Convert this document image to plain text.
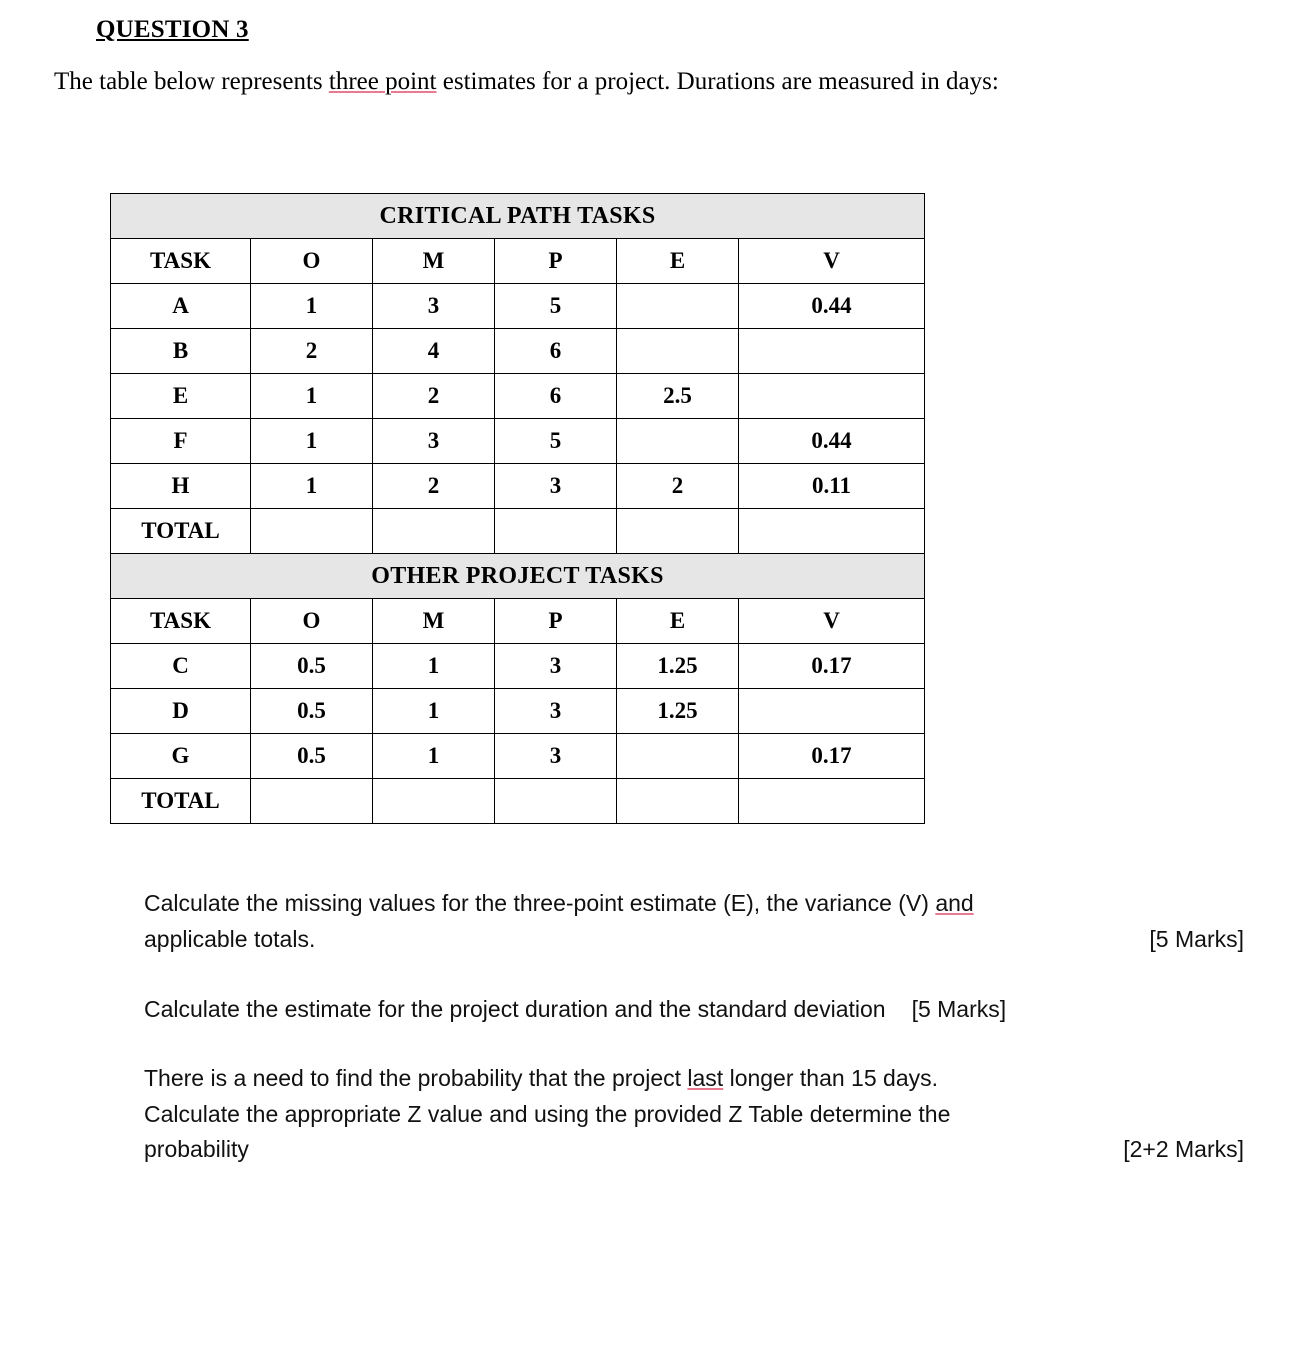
QUESTION 3
The table below represents three point estimates for a project. Durations are measured in days:
CRITICAL PATH TASKS					
TASK	O	M	P	E	V
A	1	3	5		0.44
B	2	4	6		
E	1	2	6	2.5	
F	1	3	5		0.44
H	1	2	3	2	0.11
TOTAL					
OTHER PROJECT TASKS					
TASK	O	M	P	E	V
C	0.5	1	3	1.25	0.17
D	0.5	1	3	1.25	
G	0.5	1	3		0.17
TOTAL					
Calculate the missing values for the three-point estimate (E), the variance (V) and
applicable totals.	[5 Marks]
Calculate the estimate for the project duration and the standard deviation [5 Marks]
There is a need to find the probability that the project last longer than 15 days.
Calculate the appropriate Z value and using the provided Z Table determine the
probability	[2+2 Marks]
